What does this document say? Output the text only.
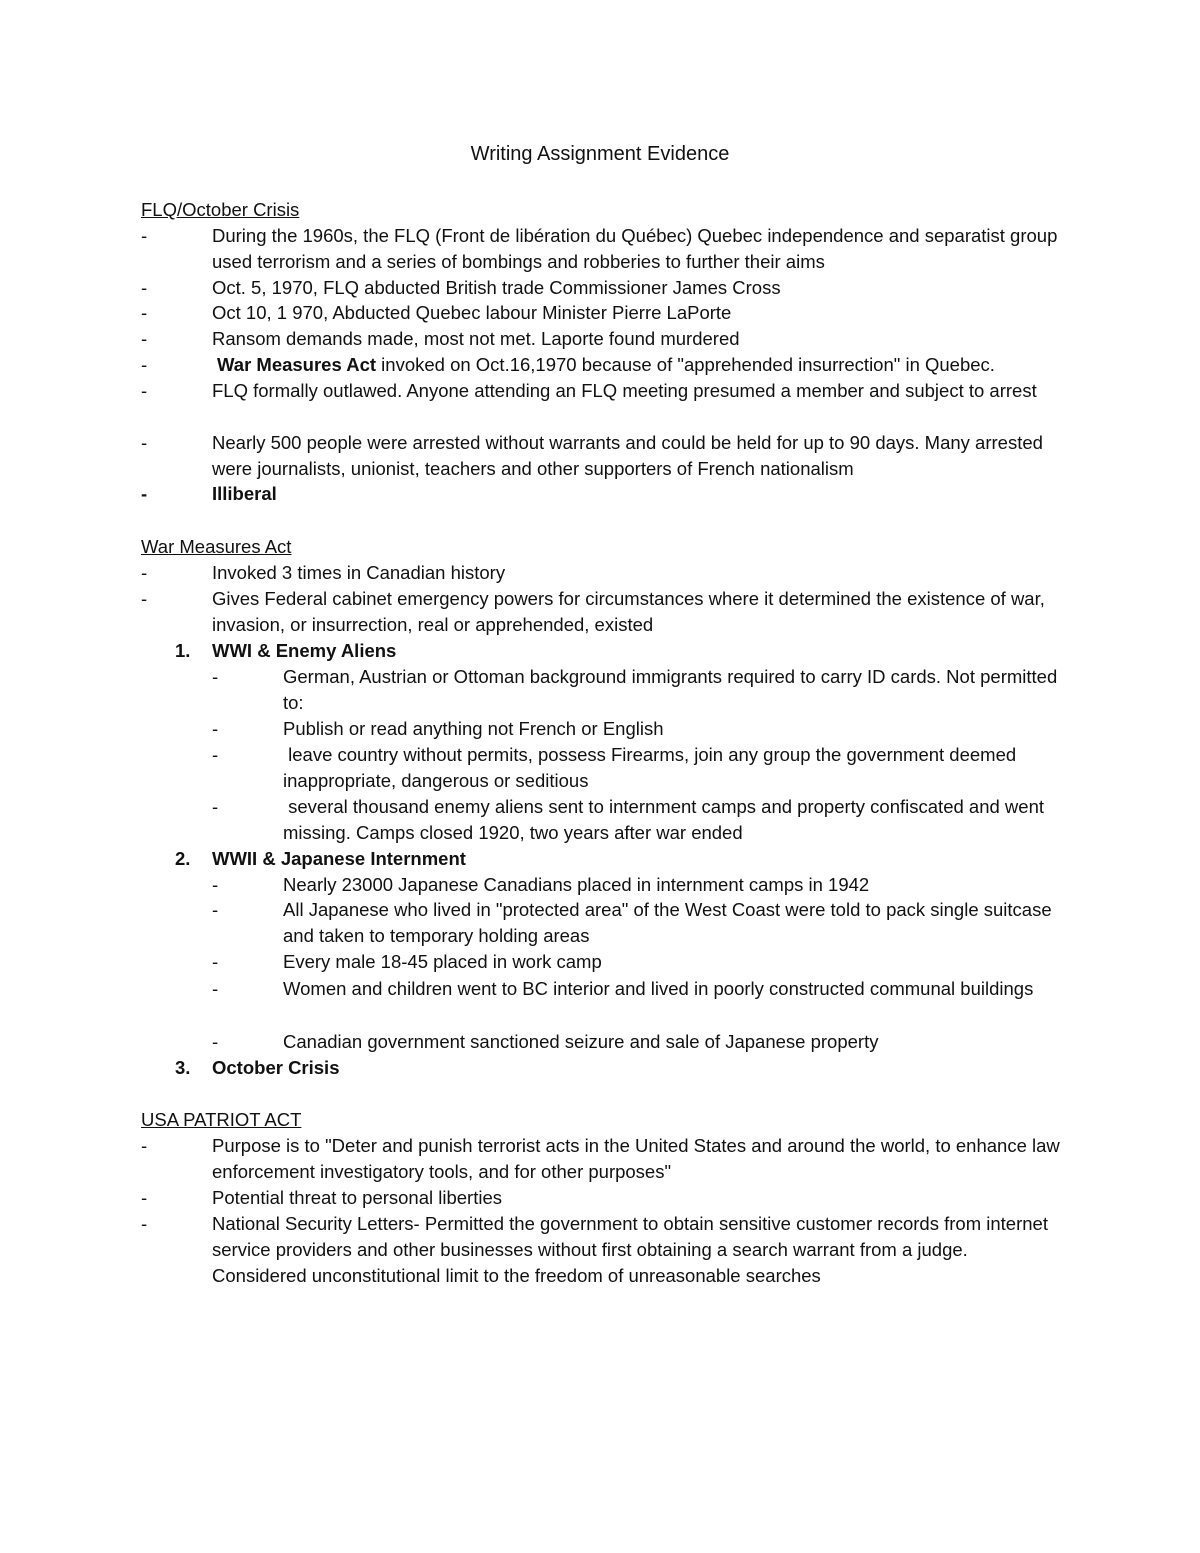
Writing Assignment Evidence
FLQ/October Crisis
-	During the 1960s, the FLQ (Front de libération du Québec) Quebec independence and separatist group used terrorism and a series of bombings and robberies to further their aims
-	Oct. 5, 1970, FLQ abducted British trade Commissioner James Cross
-	Oct 10, 1 970, Abducted Quebec labour Minister Pierre LaPorte
-	Ransom demands made, most not met. Laporte found murdered
-	War Measures Act invoked on Oct.16,1970 because of "apprehended insurrection" in Quebec.
-	FLQ formally outlawed. Anyone attending an FLQ meeting presumed a member and subject to arrest
-	Nearly 500 people were arrested without warrants and could be held for up to 90 days. Many arrested were journalists, unionist, teachers and other supporters of French nationalism
-	Illiberal
War Measures Act
-	Invoked 3 times in Canadian history
-	Gives Federal cabinet emergency powers for circumstances where it determined the existence of war, invasion, or insurrection, real or apprehended, existed
1.	WWI & Enemy Aliens
-	German, Austrian or Ottoman background immigrants required to carry ID cards. Not permitted to:
-	Publish or read anything not French or English
-	leave country without permits, possess Firearms, join any group the government deemed inappropriate, dangerous or seditious
-	several thousand enemy aliens sent to internment camps and property confiscated and went missing. Camps closed 1920, two years after war ended
2.	WWII & Japanese Internment
-	Nearly 23000 Japanese Canadians placed in internment camps in 1942
-	All Japanese who lived in "protected area" of the West Coast were told to pack single suitcase and taken to temporary holding areas
-	Every male 18-45 placed in work camp
-	Women and children went to BC interior and lived in poorly constructed communal buildings
-	Canadian government sanctioned seizure and sale of Japanese property
3.	October Crisis
USA PATRIOT ACT
-	Purpose is to "Deter and punish terrorist acts in the United States and around the world, to enhance law enforcement investigatory tools, and for other purposes"
-	Potential threat to personal liberties
-	National Security Letters- Permitted the government to obtain sensitive customer records from internet service providers and other businesses without first obtaining a search warrant from a judge. Considered unconstitutional limit to the freedom of unreasonable searches
